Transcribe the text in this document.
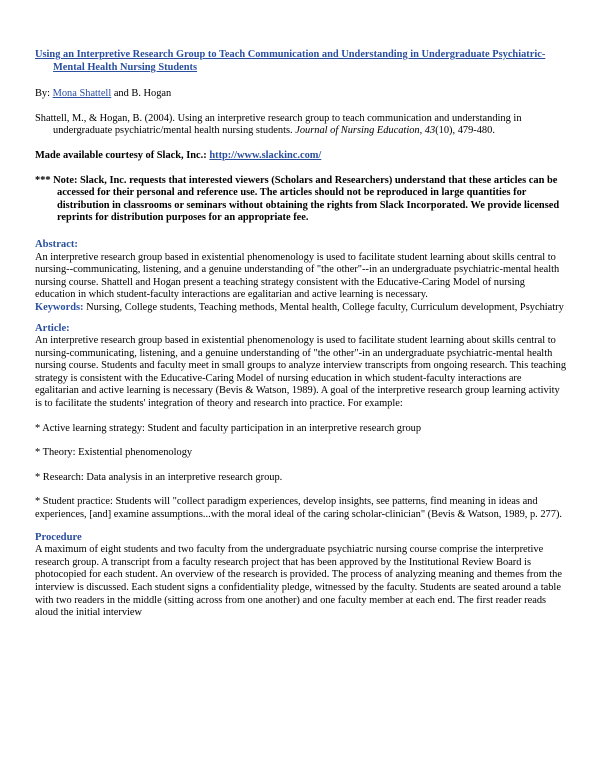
Using an Interpretive Research Group to Teach Communication and Understanding in Undergraduate Psychiatric-Mental Health Nursing Students

By: Mona Shattell and B. Hogan

Shattell, M., & Hogan, B. (2004). Using an interpretive research group to teach communication and understanding in undergraduate psychiatric/mental health nursing students. Journal of Nursing Education, 43(10), 479-480.

Made available courtesy of Slack, Inc.: http://www.slackinc.com/

*** Note: Slack, Inc. requests that interested viewers (Scholars and Researchers) understand that these articles can be accessed for their personal and reference use. The articles should not be reproduced in large quantities for distribution in classrooms or seminars without obtaining the rights from Slack Incorporated. We provide licensed reprints for distribution purposes for an appropriate fee.

Abstract:

An interpretive research group based in existential phenomenology is used to facilitate student learning about skills central to nursing--communicating, listening, and a genuine understanding of "the other"--in an undergraduate psychiatric-mental health nursing course. Shattell and Hogan present a teaching strategy consistent with the Educative-Caring Model of nursing education in which student-faculty interactions are egalitarian and active learning is necessary.

Keywords: Nursing, College students, Teaching methods, Mental health, College faculty, Curriculum development, Psychiatry

Article:

An interpretive research group based in existential phenomenology is used to facilitate student learning about skills central to nursing-communicating, listening, and a genuine understanding of "the other"-in an undergraduate psychiatric-mental health nursing course. Students and faculty meet in small groups to analyze interview transcripts from ongoing research. This teaching strategy is consistent with the Educative-Caring Model of nursing education in which student-faculty interactions are egalitarian and active learning is necessary (Bevis & Watson, 1989). A goal of the interpretive research group learning activity is to facilitate the students' integration of theory and research into practice. For example:

* Active learning strategy: Student and faculty participation in an interpretive research group

* Theory: Existential phenomenology

* Research: Data analysis in an interpretive research group.

* Student practice: Students will "collect paradigm experiences, develop insights, see patterns, find meaning in ideas and experiences, [and] examine assumptions...with the moral ideal of the caring scholar-clinician" (Bevis & Watson, 1989, p. 277).

Procedure

A maximum of eight students and two faculty from the undergraduate psychiatric nursing course comprise the interpretive research group. A transcript from a faculty research project that has been approved by the Institutional Review Board is photocopied for each student. An overview of the research is provided. The process of analyzing meaning and themes from the interview is discussed. Each student signs a confidentiality pledge, witnessed by the faculty. Students are seated around a table with two readers in the middle (sitting across from one another) and one faculty member at each end. The first reader reads aloud the initial interview
